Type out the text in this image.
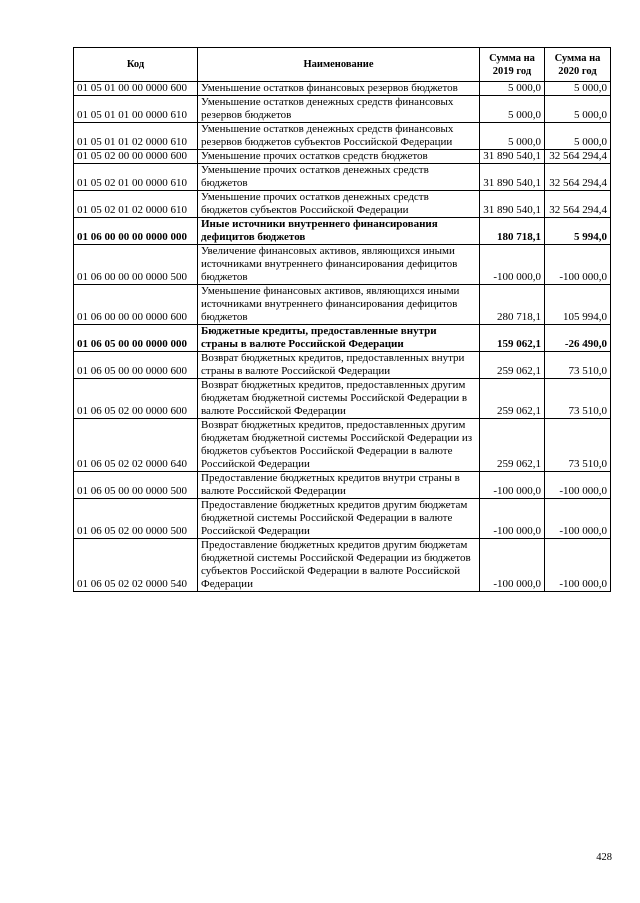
Код	Наименование	Сумма на 2019 год	Сумма на 2020 год
01 05 01 00 00 0000 600	Уменьшение остатков финансовых резервов бюджетов	5 000,0	5 000,0
01 05 01 01 00 0000 610	Уменьшение остатков денежных средств финансовых резервов бюджетов	5 000,0	5 000,0
01 05 01 01 02 0000 610	Уменьшение остатков денежных средств финансовых резервов бюджетов субъектов Российской Федерации	5 000,0	5 000,0
01 05 02 00 00 0000 600	Уменьшение прочих остатков средств бюджетов	31 890 540,1	32 564 294,4
01 05 02 01 00 0000 610	Уменьшение прочих остатков денежных средств бюджетов	31 890 540,1	32 564 294,4
01 05 02 01 02 0000 610	Уменьшение прочих остатков денежных средств бюджетов субъектов Российской Федерации	31 890 540,1	32 564 294,4
01 06 00 00 00 0000 000	Иные источники внутреннего финансирования дефицитов бюджетов	180 718,1	5 994,0
01 06 00 00 00 0000 500	Увеличение финансовых активов, являющихся иными источниками внутреннего финансирования дефицитов бюджетов	-100 000,0	-100 000,0
01 06 00 00 00 0000 600	Уменьшение финансовых активов, являющихся иными источниками внутреннего финансирования дефицитов бюджетов	280 718,1	105 994,0
01 06 05 00 00 0000 000	Бюджетные кредиты, предоставленные внутри страны в валюте Российской Федерации	159 062,1	-26 490,0
01 06 05 00 00 0000 600	Возврат бюджетных кредитов, предоставленных внутри страны в валюте Российской Федерации	259 062,1	73 510,0
01 06 05 02 00 0000 600	Возврат бюджетных кредитов, предоставленных другим бюджетам бюджетной системы Российской Федерации в валюте Российской Федерации	259 062,1	73 510,0
01 06 05 02 02 0000 640	Возврат бюджетных кредитов, предоставленных другим бюджетам бюджетной системы Российской Федерации из бюджетов субъектов Российской Федерации в валюте Российской Федерации	259 062,1	73 510,0
01 06 05 00 00 0000 500	Предоставление бюджетных кредитов внутри страны в валюте Российской Федерации	-100 000,0	-100 000,0
01 06 05 02 00 0000 500	Предоставление бюджетных кредитов другим бюджетам бюджетной системы Российской Федерации в валюте Российской Федерации	-100 000,0	-100 000,0
01 06 05 02 02 0000 540	Предоставление бюджетных кредитов другим бюджетам бюджетной системы Российской Федерации из бюджетов субъектов Российской Федерации в валюте Российской Федерации	-100 000,0	-100 000,0
428
